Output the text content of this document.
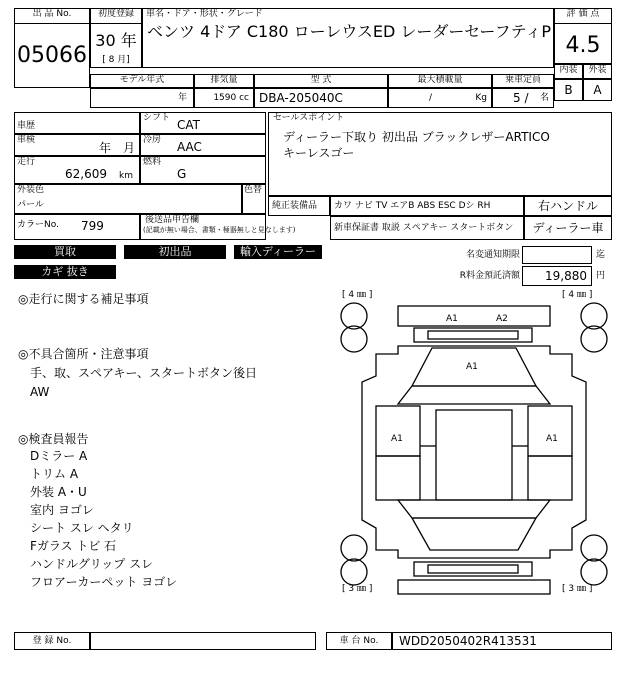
出 品 No.
05066
初度登録
30 年
[ 8 月]
車名・ドア・形状・グレード
ベンツ 4ドア C180 ローレウスED レーダーセーフティP
評 価 点
4.5
内装	外装
B	A
モデル年式	排気量	型 式	最大積載量	乗車定員
年	1590 cc DBA-205040C	/	Kg 5 / 名
車歴
シフト CAT
車検
年 月
冷房 AAC
走行
62,609 km
燃料
G
外装色
パール
色替
カラーNo. 799	後送品申告欄
(記載が無い場合、書類・極器無しと見なします)
セールスポイント
ディーラー下取り 初出品 ブラックレザーARTICO
キーレスゴー
純正装備品	カワ ナビ TV エアB ABS ESC Dシ RH	右ハンドル
新車保証書 取説 スペアキー スタートボタン	ディーラー車
買取	初出品	輸入ディーラー
カギ 抜き
名変通知期限	迄
R料金預託済額	19,880	円
◎走行に関する補足事項
◎不具合箇所・注意事項
手、取、スペアキー、スタートボタン後日
AW
◎検査員報告
Dミラー A
トリム A
外装 A・U
室内 ヨゴレ
シート スレ ヘタリ
Fガラス トビ 石
ハンドルグリップ スレ
フロアーカーペット ヨゴレ
[ 4 ㎜ ]	[ 4 ㎜ ]
[ 3 ㎜ ]	[ 3 ㎜ ]
A1	A2
A1
A1	A1
登 録 No.	車 台 No.	WDD2050402R413531
